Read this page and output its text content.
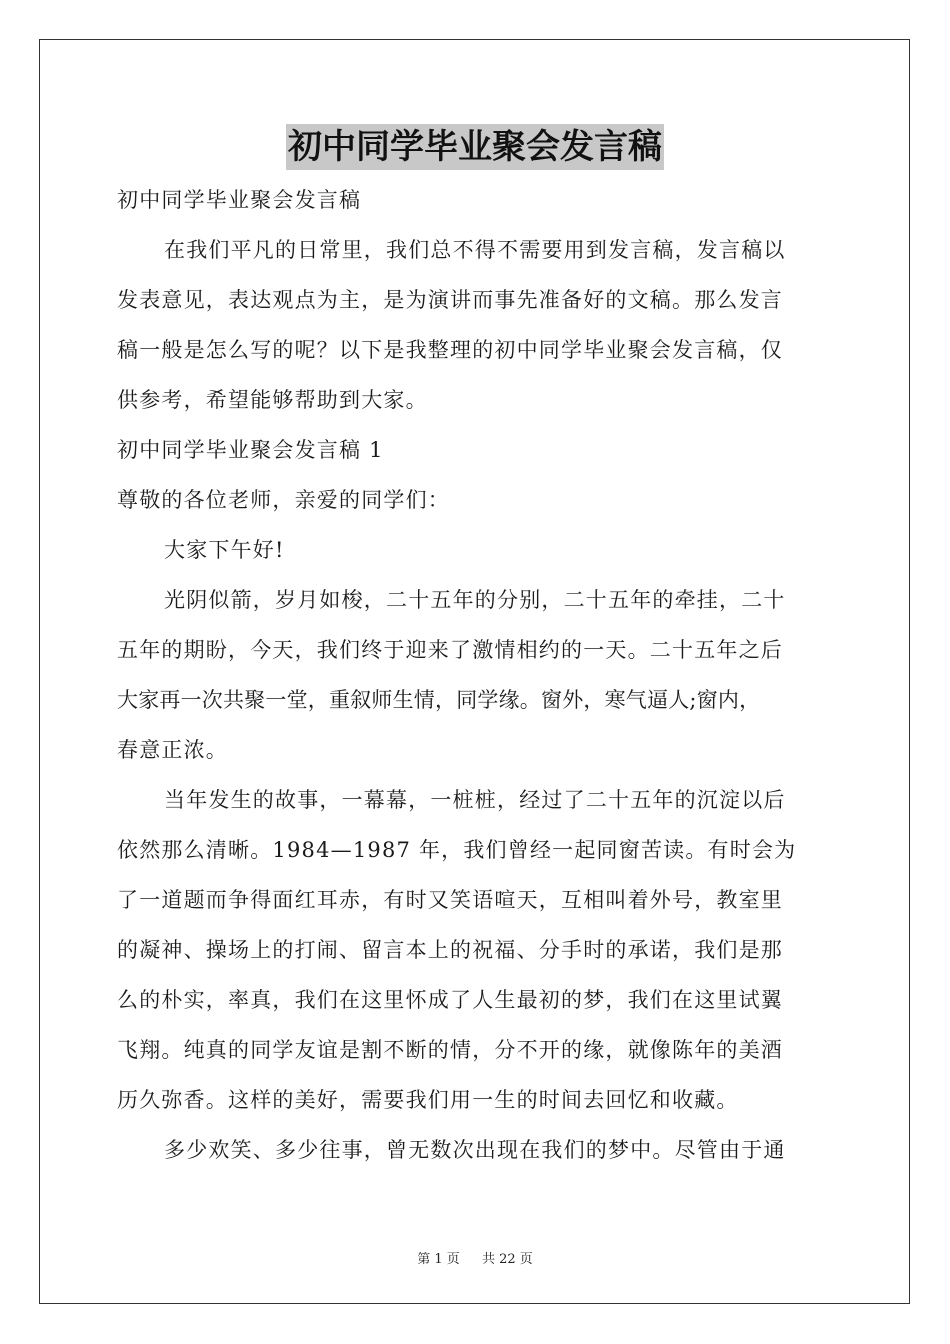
初中同学毕业聚会发言稿
初中同学毕业聚会发言稿
在我们平凡的日常里，我们总不得不需要用到发言稿，发言稿以
发表意见，表达观点为主，是为演讲而事先准备好的文稿。那么发言
稿一般是怎么写的呢？以下是我整理的初中同学毕业聚会发言稿，仅
供参考，希望能够帮助到大家。
初中同学毕业聚会发言稿 1
尊敬的各位老师，亲爱的同学们：
大家下午好!
光阴似箭，岁月如梭，二十五年的分别，二十五年的牵挂，二十
五年的期盼，今天，我们终于迎来了激情相约的一天。二十五年之后
大家再一次共聚一堂，重叙师生情，同学缘。窗外，寒气逼人;窗内，
春意正浓。
当年发生的故事，一幕幕，一桩桩，经过了二十五年的沉淀以后
依然那么清晰。1984—1987 年，我们曾经一起同窗苦读。有时会为
了一道题而争得面红耳赤，有时又笑语喧天，互相叫着外号，教室里
的凝神、操场上的打闹、留言本上的祝福、分手时的承诺，我们是那
么的朴实，率真，我们在这里怀成了人生最初的梦，我们在这里试翼
飞翔。纯真的同学友谊是割不断的情，分不开的缘，就像陈年的美酒
历久弥香。这样的美好，需要我们用一生的时间去回忆和收藏。
多少欢笑、多少往事，曾无数次出现在我们的梦中。尽管由于通
第 1 页 共 22 页
